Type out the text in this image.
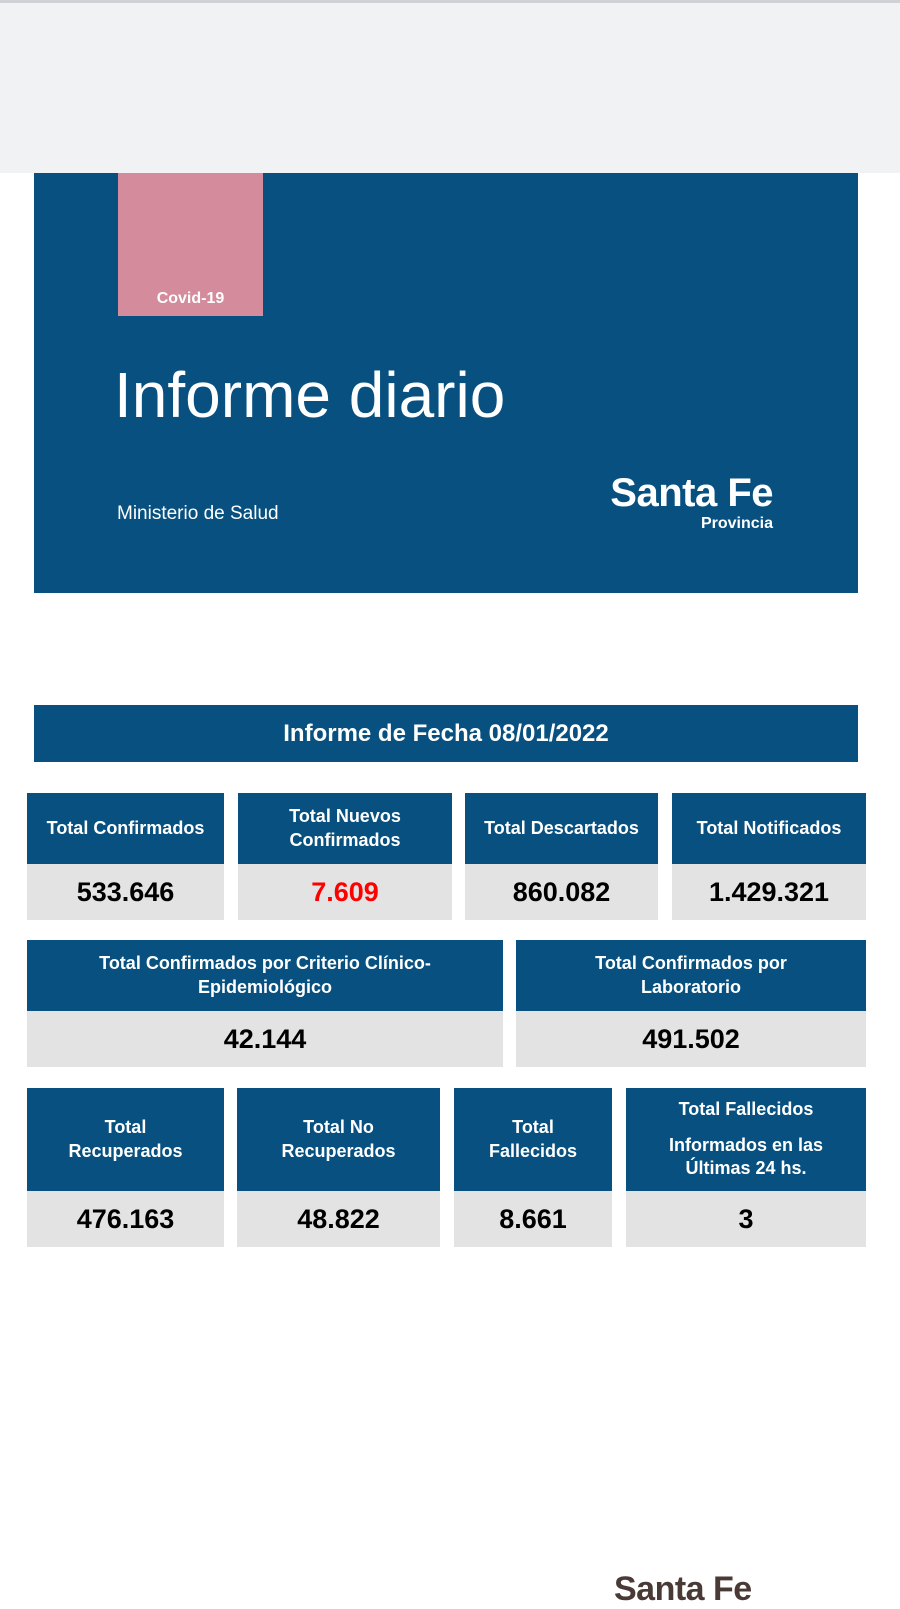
Covid-19
Informe diario
Ministerio de Salud	Santa Fe
Provincia
Informe de Fecha 08/01/2022
Total Confirmados
533.646
Total Nuevos Confirmados
7.609
Total Descartados
860.082
Total Notificados
1.429.321
Total Confirmados por Criterio Clínico-Epidemiológico
42.144
Total Confirmados por Laboratorio
491.502
Total Recuperados
476.163
Total No Recuperados
48.822
Total Fallecidos
8.661
Total Fallecidos
Informados en las Últimas 24 hs.
3
Santa Fe
